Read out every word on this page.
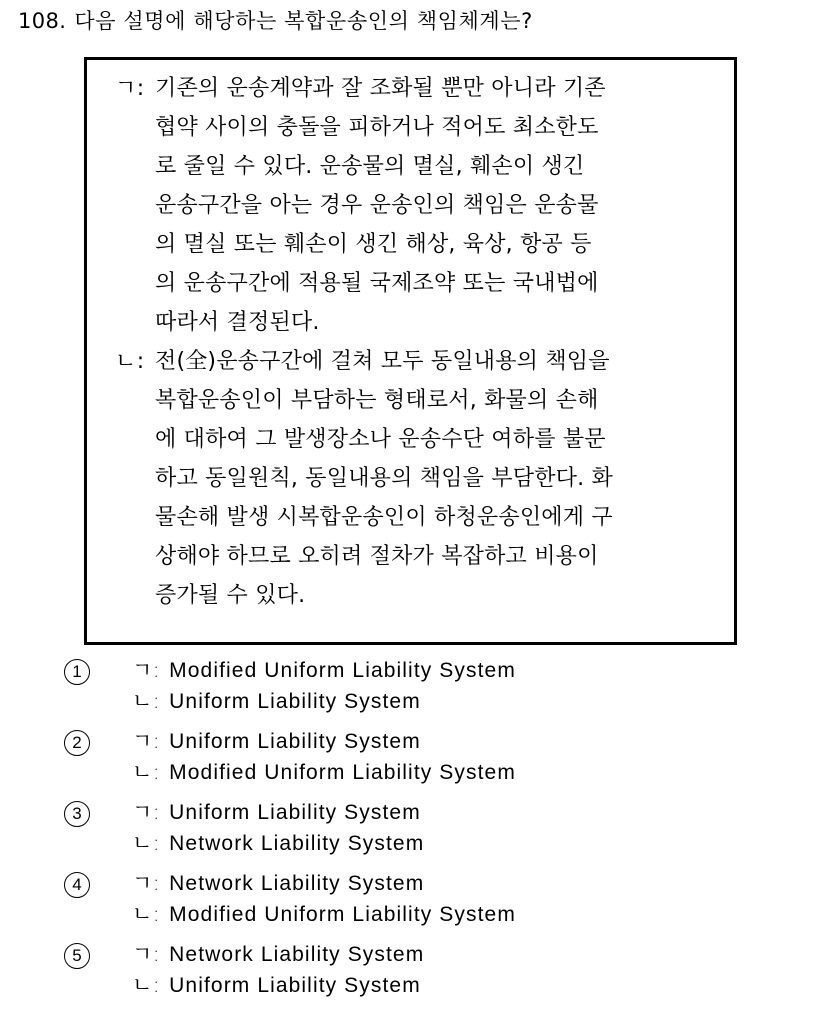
108. 다음 설명에 해당하는 복합운송인의 책임체계는?
ㄱ: 기존의 운송계약과 잘 조화될 뿐만 아니라 기존
협약 사이의 충돌을 피하거나 적어도 최소한도
로 줄일 수 있다. 운송물의 멸실, 훼손이 생긴
운송구간을 아는 경우 운송인의 책임은 운송물
의 멸실 또는 훼손이 생긴 해상, 육상, 항공 등
의 운송구간에 적용될 국제조약 또는 국내법에
따라서 결정된다.
ㄴ: 전(全)운송구간에 걸쳐 모두 동일내용의 책임을
복합운송인이 부담하는 형태로서, 화물의 손해
에 대하여 그 발생장소나 운송수단 여하를 불문
하고 동일원칙, 동일내용의 책임을 부담한다. 화
물손해 발생 시복합운송인이 하청운송인에게 구
상해야 하므로 오히려 절차가 복잡하고 비용이
증가될 수 있다.
1	ㄱ: Modified Uniform Liability System
ㄴ: Uniform Liability System
2	ㄱ: Uniform Liability System
ㄴ: Modified Uniform Liability System
3	ㄱ: Uniform Liability System
ㄴ: Network Liability System
4	ㄱ: Network Liability System
ㄴ: Modified Uniform Liability System
5	ㄱ: Network Liability System
ㄴ: Uniform Liability System
